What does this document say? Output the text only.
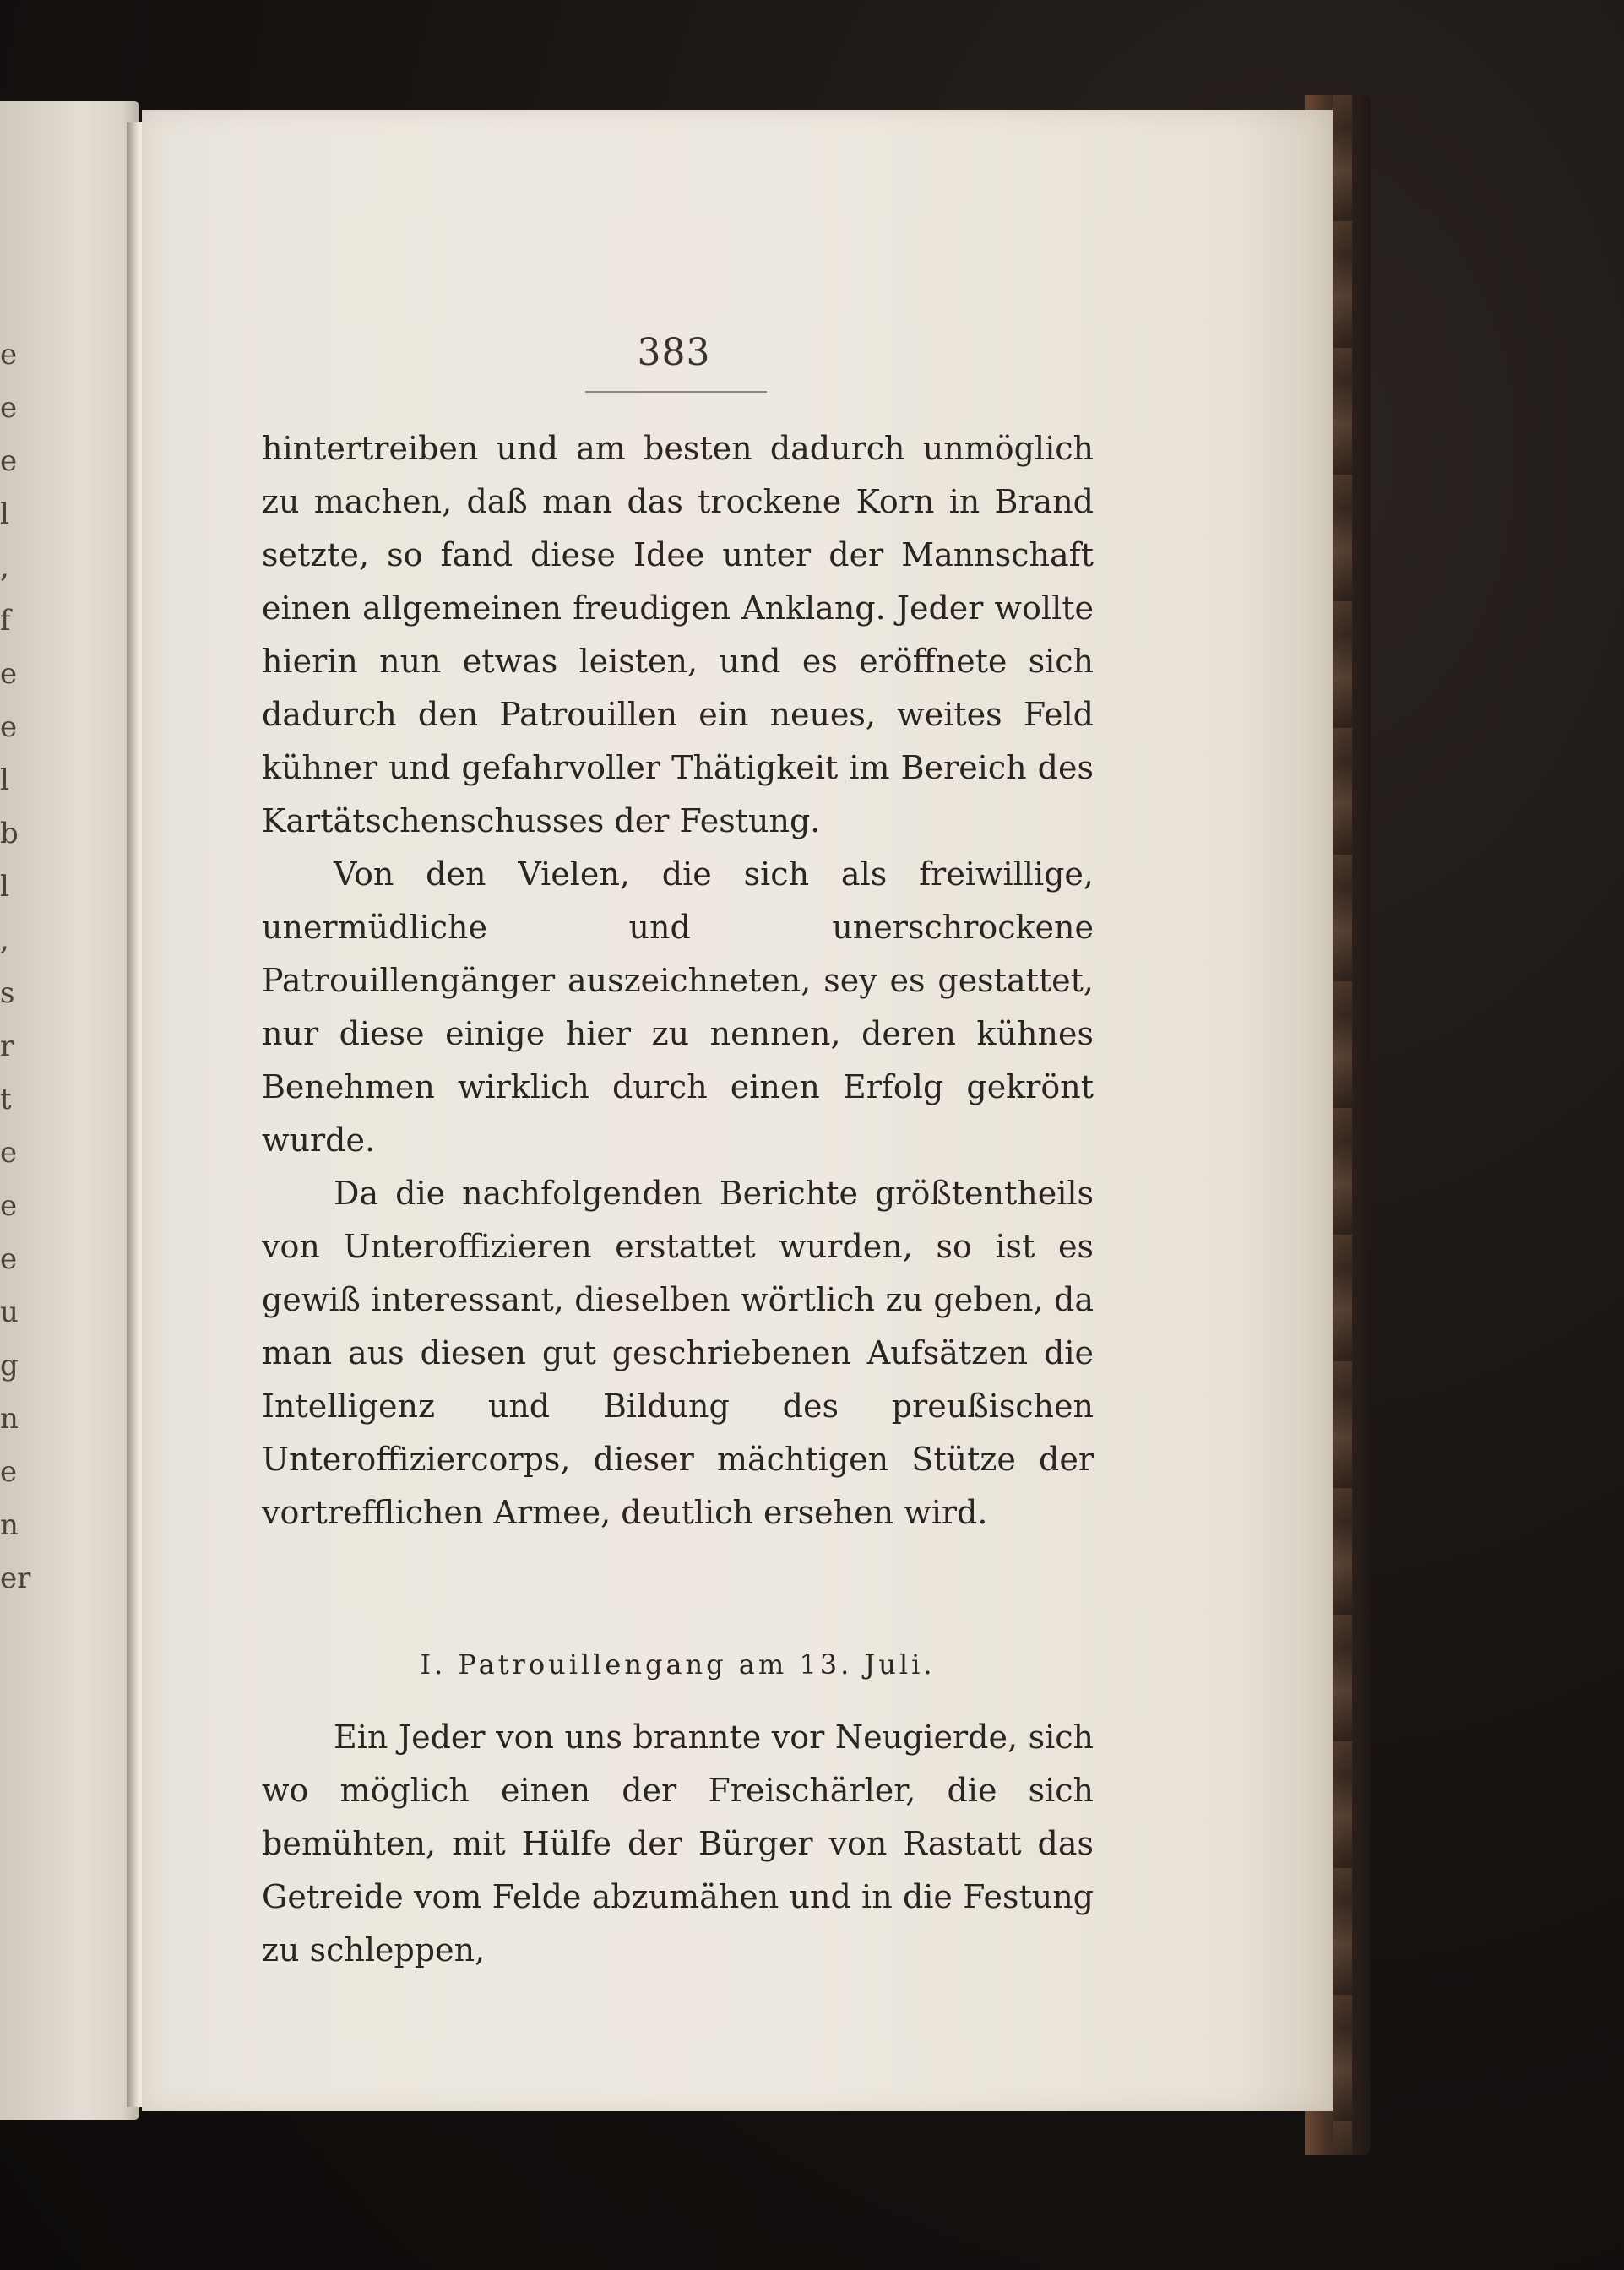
e
e
e
l
,
f
e
e
l
b
l
,
s
r
t
e
e
e
u
g
n
e
n
er
383

hintertreiben und am besten dadurch unmöglich zu machen, daß man das trockene Korn in Brand setzte, so fand diese Idee unter der Mannschaft einen allgemeinen freudigen Anklang. Jeder wollte hierin nun etwas leisten, und es eröffnete sich dadurch den Patrouillen ein neues, weites Feld kühner und gefahrvoller Thätigkeit im Bereich des Kartätschenschusses der Festung.

Von den Vielen, die sich als freiwillige, unermüdliche und unerschrockene Patrouillengänger auszeichneten, sey es gestattet, nur diese einige hier zu nennen, deren kühnes Benehmen wirklich durch einen Erfolg gekrönt wurde.

Da die nachfolgenden Berichte größtentheils von Unteroffizieren erstattet wurden, so ist es gewiß interessant, dieselben wörtlich zu geben, da man aus diesen gut geschriebenen Aufsätzen die Intelligenz und Bildung des preußischen Unteroffiziercorps, dieser mächtigen Stütze der vortrefflichen Armee, deutlich ersehen wird.

I. Patrouillengang am 13. Juli.

Ein Jeder von uns brannte vor Neugierde, sich wo möglich einen der Freischärler, die sich bemühten, mit Hülfe der Bürger von Rastatt das Getreide vom Felde abzumähen und in die Festung zu schleppen,
